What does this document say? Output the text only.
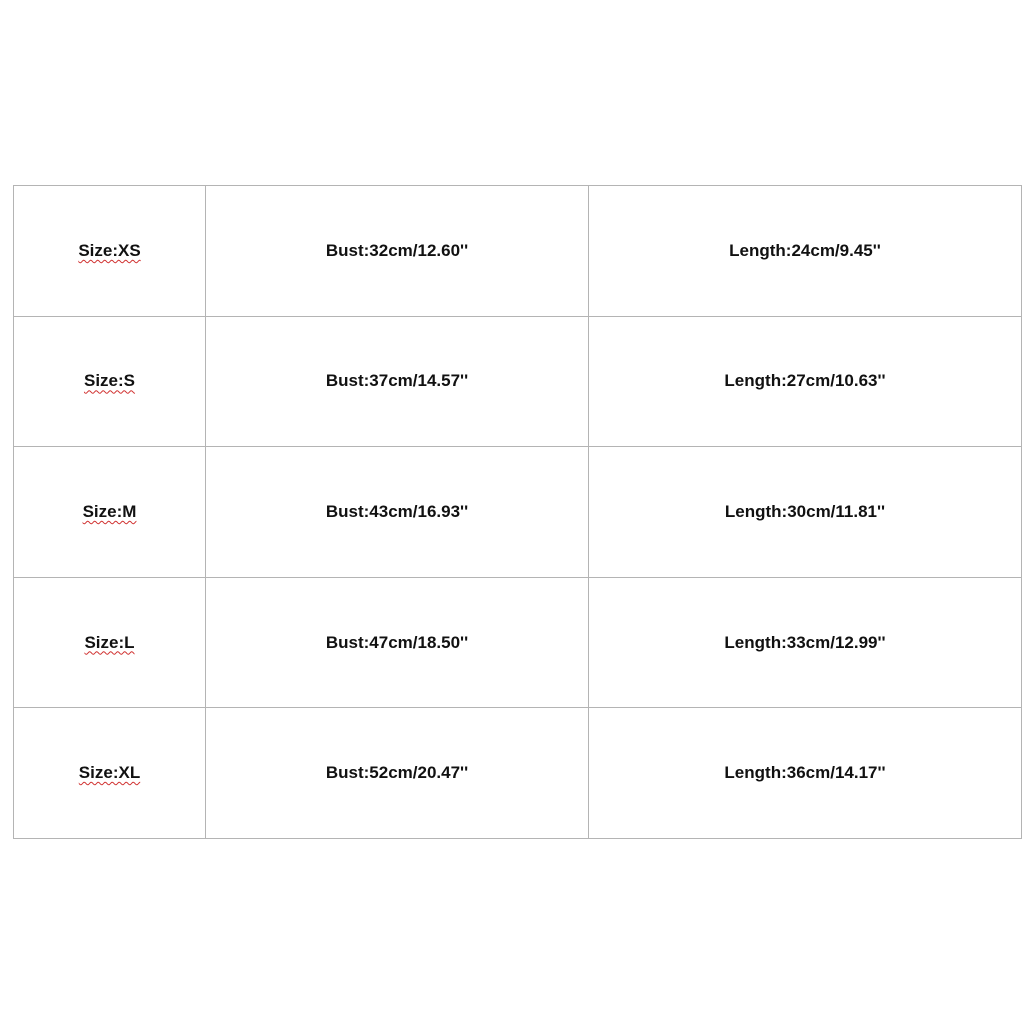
Size:XS	Bust:32cm/12.60''	Length:24cm/9.45''
Size:S	Bust:37cm/14.57''	Length:27cm/10.63''
Size:M	Bust:43cm/16.93''	Length:30cm/11.81''
Size:L	Bust:47cm/18.50''	Length:33cm/12.99''
Size:XL	Bust:52cm/20.47''	Length:36cm/14.17''
